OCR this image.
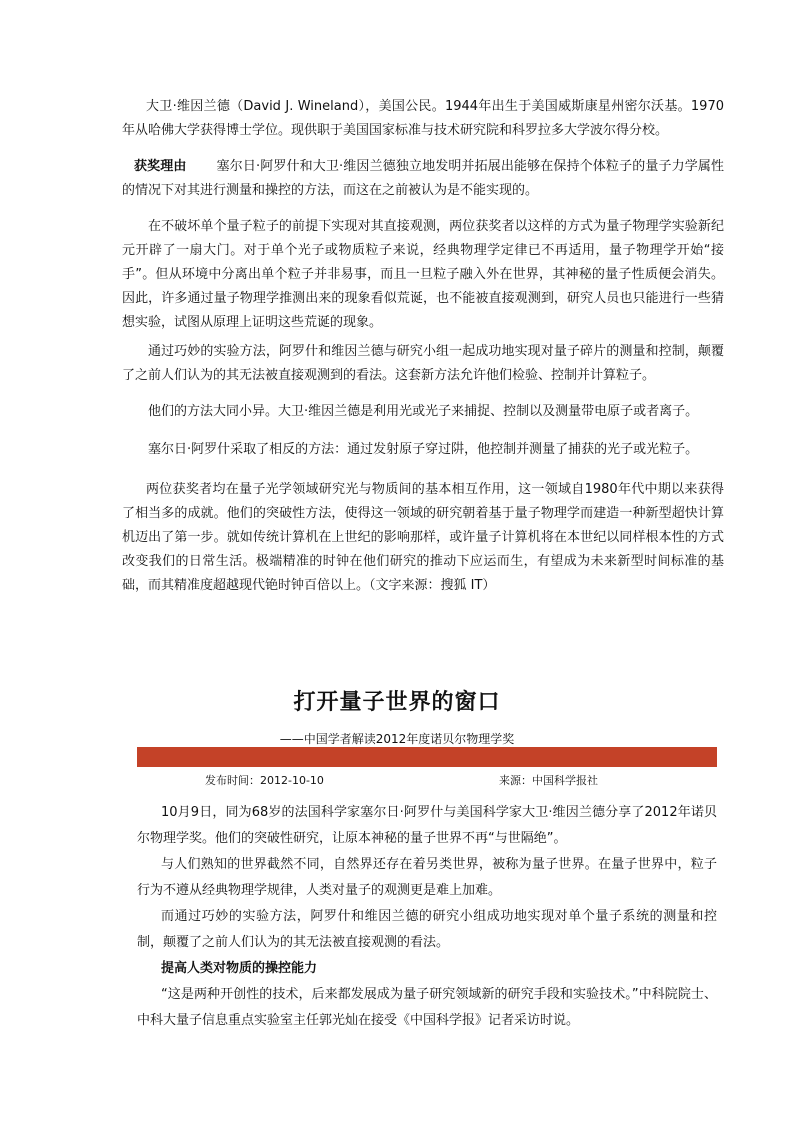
大卫·维因兰德（David J. Wineland），美国公民。1944年出生于美国威斯康星州密尔沃基。1970年从哈佛大学获得博士学位。现供职于美国国家标准与技术研究院和科罗拉多大学波尔得分校。

获奖理由 塞尔日·阿罗什和大卫·维因兰德独立地发明并拓展出能够在保持个体粒子的量子力学属性的情况下对其进行测量和操控的方法，而这在之前被认为是不能实现的。

在不破坏单个量子粒子的前提下实现对其直接观测，两位获奖者以这样的方式为量子物理学实验新纪元开辟了一扇大门。对于单个光子或物质粒子来说，经典物理学定律已不再适用，量子物理学开始“接手”。但从环境中分离出单个粒子并非易事，而且一旦粒子融入外在世界，其神秘的量子性质便会消失。因此，许多通过量子物理学推测出来的现象看似荒诞，也不能被直接观测到，研究人员也只能进行一些猜想实验，试图从原理上证明这些荒诞的现象。

通过巧妙的实验方法，阿罗什和维因兰德与研究小组一起成功地实现对量子碎片的测量和控制，颠覆了之前人们认为的其无法被直接观测到的看法。这套新方法允许他们检验、控制并计算粒子。

他们的方法大同小异。大卫·维因兰德是利用光或光子来捕捉、控制以及测量带电原子或者离子。

塞尔日·阿罗什采取了相反的方法：通过发射原子穿过阱，他控制并测量了捕获的光子或光粒子。

两位获奖者均在量子光学领域研究光与物质间的基本相互作用，这一领域自1980年代中期以来获得了相当多的成就。他们的突破性方法，使得这一领域的研究朝着基于量子物理学而建造一种新型超快计算机迈出了第一步。就如传统计算机在上世纪的影响那样，或许量子计算机将在本世纪以同样根本性的方式改变我们的日常生活。极端精准的时钟在他们研究的推动下应运而生，有望成为未来新型时间标准的基础，而其精准度超越现代铯时钟百倍以上。（文字来源：搜狐 IT）

打开量子世界的窗口

——中国学者解读2012年度诺贝尔物理学奖

发布时间：2012-10-10	来源：中国科学报社

10月9日，同为68岁的法国科学家塞尔日·阿罗什与美国科学家大卫·维因兰德分享了2012年诺贝尔物理学奖。他们的突破性研究，让原本神秘的量子世界不再“与世隔绝”。

与人们熟知的世界截然不同，自然界还存在着另类世界，被称为量子世界。在量子世界中，粒子行为不遵从经典物理学规律，人类对量子的观测更是难上加难。

而通过巧妙的实验方法，阿罗什和维因兰德的研究小组成功地实现对单个量子系统的测量和控制，颠覆了之前人们认为的其无法被直接观测的看法。

提高人类对物质的操控能力

“这是两种开创性的技术，后来都发展成为量子研究领域新的研究手段和实验技术。”中科院院士、中科大量子信息重点实验室主任郭光灿在接受《中国科学报》记者采访时说。
